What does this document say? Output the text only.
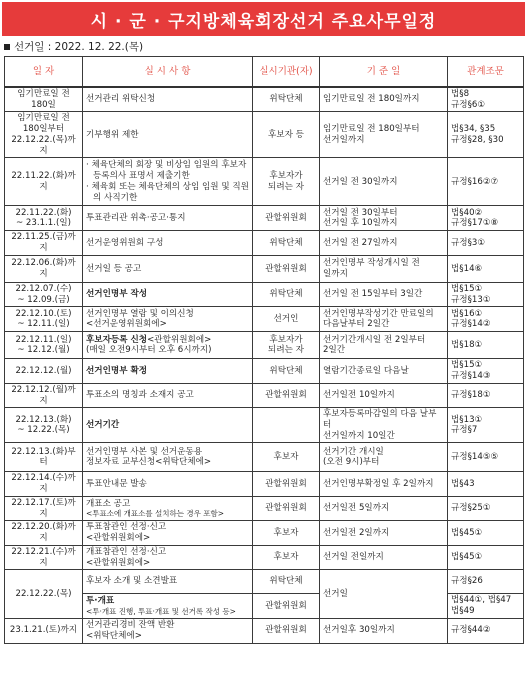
시 · 군 · 구지방체육회장선거 주요사무일정
선거일 : 2022. 12. 22.(목)
일 자	실 시 사 항	실시기관(자)	기 준 일	관계조문

임기만료일 전
180일	선거관리 위탁신청	위탁단체	임기만료일 전 180일까지	법§8
규정§6①

임기만료일 전
180일부터
22.12.22.(목)까지	기부행위 제한	후보자 등	임기만료일 전 180일부터
선거일까지	법§34, §35
규정§28, §30

22.11.22.(화)까지	· 체육단체의 회장 및 비상임 임원의 후보자 등록의사 표명서 제출기한
· 체육회 또는 체육단체의 상임 임원 및 직원의 사직기한	후보자가
되려는 자	선거일 전 30일까지	규정§16②⑦

22.11.22.(화)
~ 23.1.1.(일)	투표관리관 위촉·공고·통지	관할위원회	선거일 전 30일부터
선거일 후 10일까지	법§40②
규정§17①⑧

22.11.25.(금)까지	선거운영위원회 구성	위탁단체	선거일 전 27일까지	규정§3①

22.12.06.(화)까지	선거일 등 공고	관할위원회	선거인명부 작성개시일 전
일까지	법§14⑥

22.12.07.(수)
~ 12.09.(금)	선거인명부 작성	위탁단체	선거일 전 15일부터 3일간	법§15①
규정§13①

22.12.10.(토)
~ 12.11.(일)	선거인명부 열람 및 이의신청
<선거운영위원회에>	선거인	선거인명부작성기간 만료일의
다음날부터 2일간	법§16①
규정§14②

22.12.11.(일)
~ 12.12.(월)	후보자등록 신청<관할위원회에>
(매일 오전9시부터 오후 6시까지)	후보자가
되려는 자	선거기간개시일 전 2일부터
2일간	법§18①

22.12.12.(월)	선거인명부 확정	위탁단체	열람기간종료일 다음날	법§15①
규정§14③

22.12.12.(월)까지	투표소의 명칭과 소재지 공고	관할위원회	선거일전 10일까지	규정§18①

22.12.13.(화)
~ 12.22.(목)	선거기간		후보자등록마감일의 다음 날부터
선거일까지 10일간	법§13①
규정§7

22.12.13.(화)부터	선거인명부 사본 및 선거운동용
정보자료 교부신청<위탁단체에>	후보자	선거기간 개시일
(오전 9시)부터	규정§14⑤⑤

22.12.14.(수)까지	투표안내문 발송	관할위원회	선거인명부확정일 후 2일까지	법§43

22.12.17.(토)까지	개표소 공고
<투표소에 개표소를 설치하는 경우 포함>	관할위원회	선거일전 5일까지	규정§25①

22.12.20.(화)까지	투표참관인 선정·신고
<관할위원회에>	후보자	선거일전 2일까지	법§45①

22.12.21.(수)까지	개표참관인 선정·신고
<관할위원회에>	후보자	선거일 전일까지	법§45①

22.12.22.(목)	후보자 소개 및 소견발표	위탁단체	선거일	규정§26

	투·개표
<투·개표 진행, 투표·개표 및 선거록 작성 등>	관할위원회		법§44①, 법§47
법§49

23.1.21.(토)까지	선거관리경비 잔액 반환
<위탁단체에>	관할위원회	선거일후 30일까지	규정§44②
